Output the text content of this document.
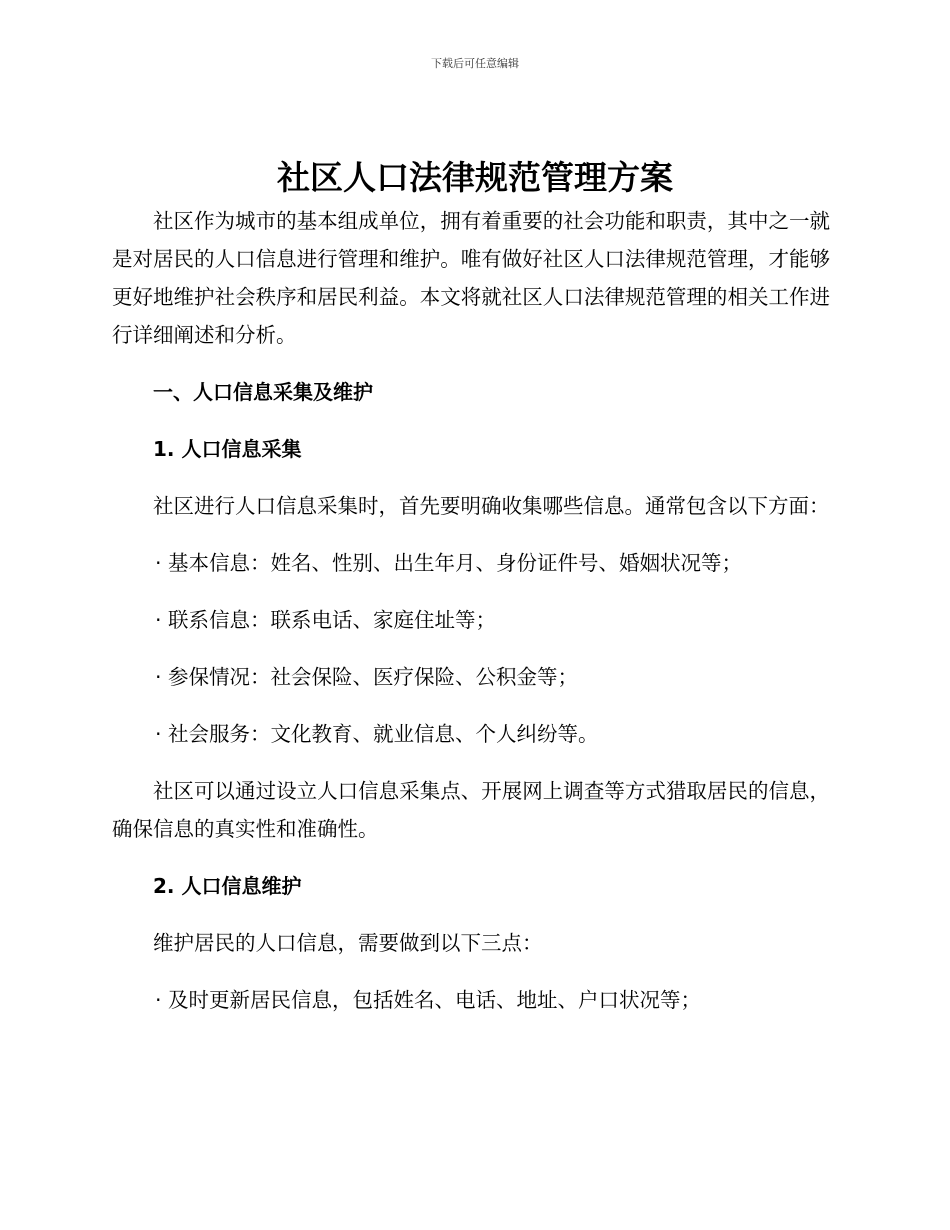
下载后可任意编辑
社区人口法律规范管理方案

社区作为城市的基本组成单位，拥有着重要的社会功能和职责，其中之一就是对居民的人口信息进行管理和维护。唯有做好社区人口法律规范管理，才能够更好地维护社会秩序和居民利益。本文将就社区人口法律规范管理的相关工作进行详细阐述和分析。

一、人口信息采集及维护
1. 人口信息采集

社区进行人口信息采集时，首先要明确收集哪些信息。通常包含以下方面：

· 基本信息：姓名、性别、出生年月、身份证件号、婚姻状况等；
· 联系信息：联系电话、家庭住址等；
· 参保情况：社会保险、医疗保险、公积金等；
· 社会服务：文化教育、就业信息、个人纠纷等。

社区可以通过设立人口信息采集点、开展网上调查等方式猎取居民的信息，确保信息的真实性和准确性。

2. 人口信息维护

维护居民的人口信息，需要做到以下三点：

· 及时更新居民信息，包括姓名、电话、地址、户口状况等；
